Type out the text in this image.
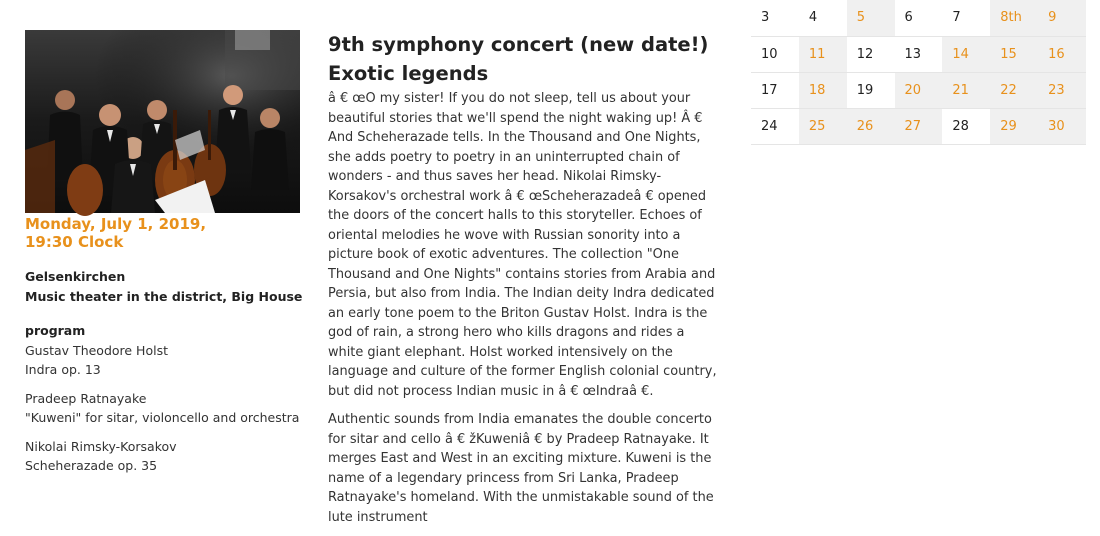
Monday, July 1, 2019,
19:30 Clock
Gelsenkirchen
Music theater in the district, Big House
program
Gustav Theodore Holst
Indra op. 13
Pradeep Ratnayake
"Kuweni" for sitar, violoncello and orchestra
Nikolai Rimsky-Korsakov
Scheherazade op. 35
9th symphony concert (new date!)
Exotic legends

â € œO my sister! If you do not sleep, tell us about your beautiful stories that we'll spend the night waking up! Â € And Scheherazade tells. In the Thousand and One Nights, she adds poetry to poetry in an uninterrupted chain of wonders - and thus saves her head. Nikolai Rimsky-Korsakov's orchestral work â € œScheherazadeâ € opened the doors of the concert halls to this storyteller. Echoes of oriental melodies he wove with Russian sonority into a picture book of exotic adventures. The collection "One Thousand and One Nights" contains stories from Arabia and Persia, but also from India. The Indian deity Indra dedicated an early tone poem to the Briton Gustav Holst. Indra is the god of rain, a strong hero who kills dragons and rides a white giant elephant. Holst worked intensively on the language and culture of the former English colonial country, but did not process Indian music in â € œIndraâ €.

Authentic sounds from India emanates the double concerto for sitar and cello â € žKuweniâ € by Pradeep Ratnayake. It merges East and West in an exciting mixture. Kuweni is the name of a legendary princess from Sri Lanka, Pradeep Ratnayake's homeland. With the unmistakable sound of the lute instrument

3	4	5	6	7	8th	9
10	11	12	13	14	15	16
17	18	19	20	21	22	23
24	25	26	27	28	29	30
